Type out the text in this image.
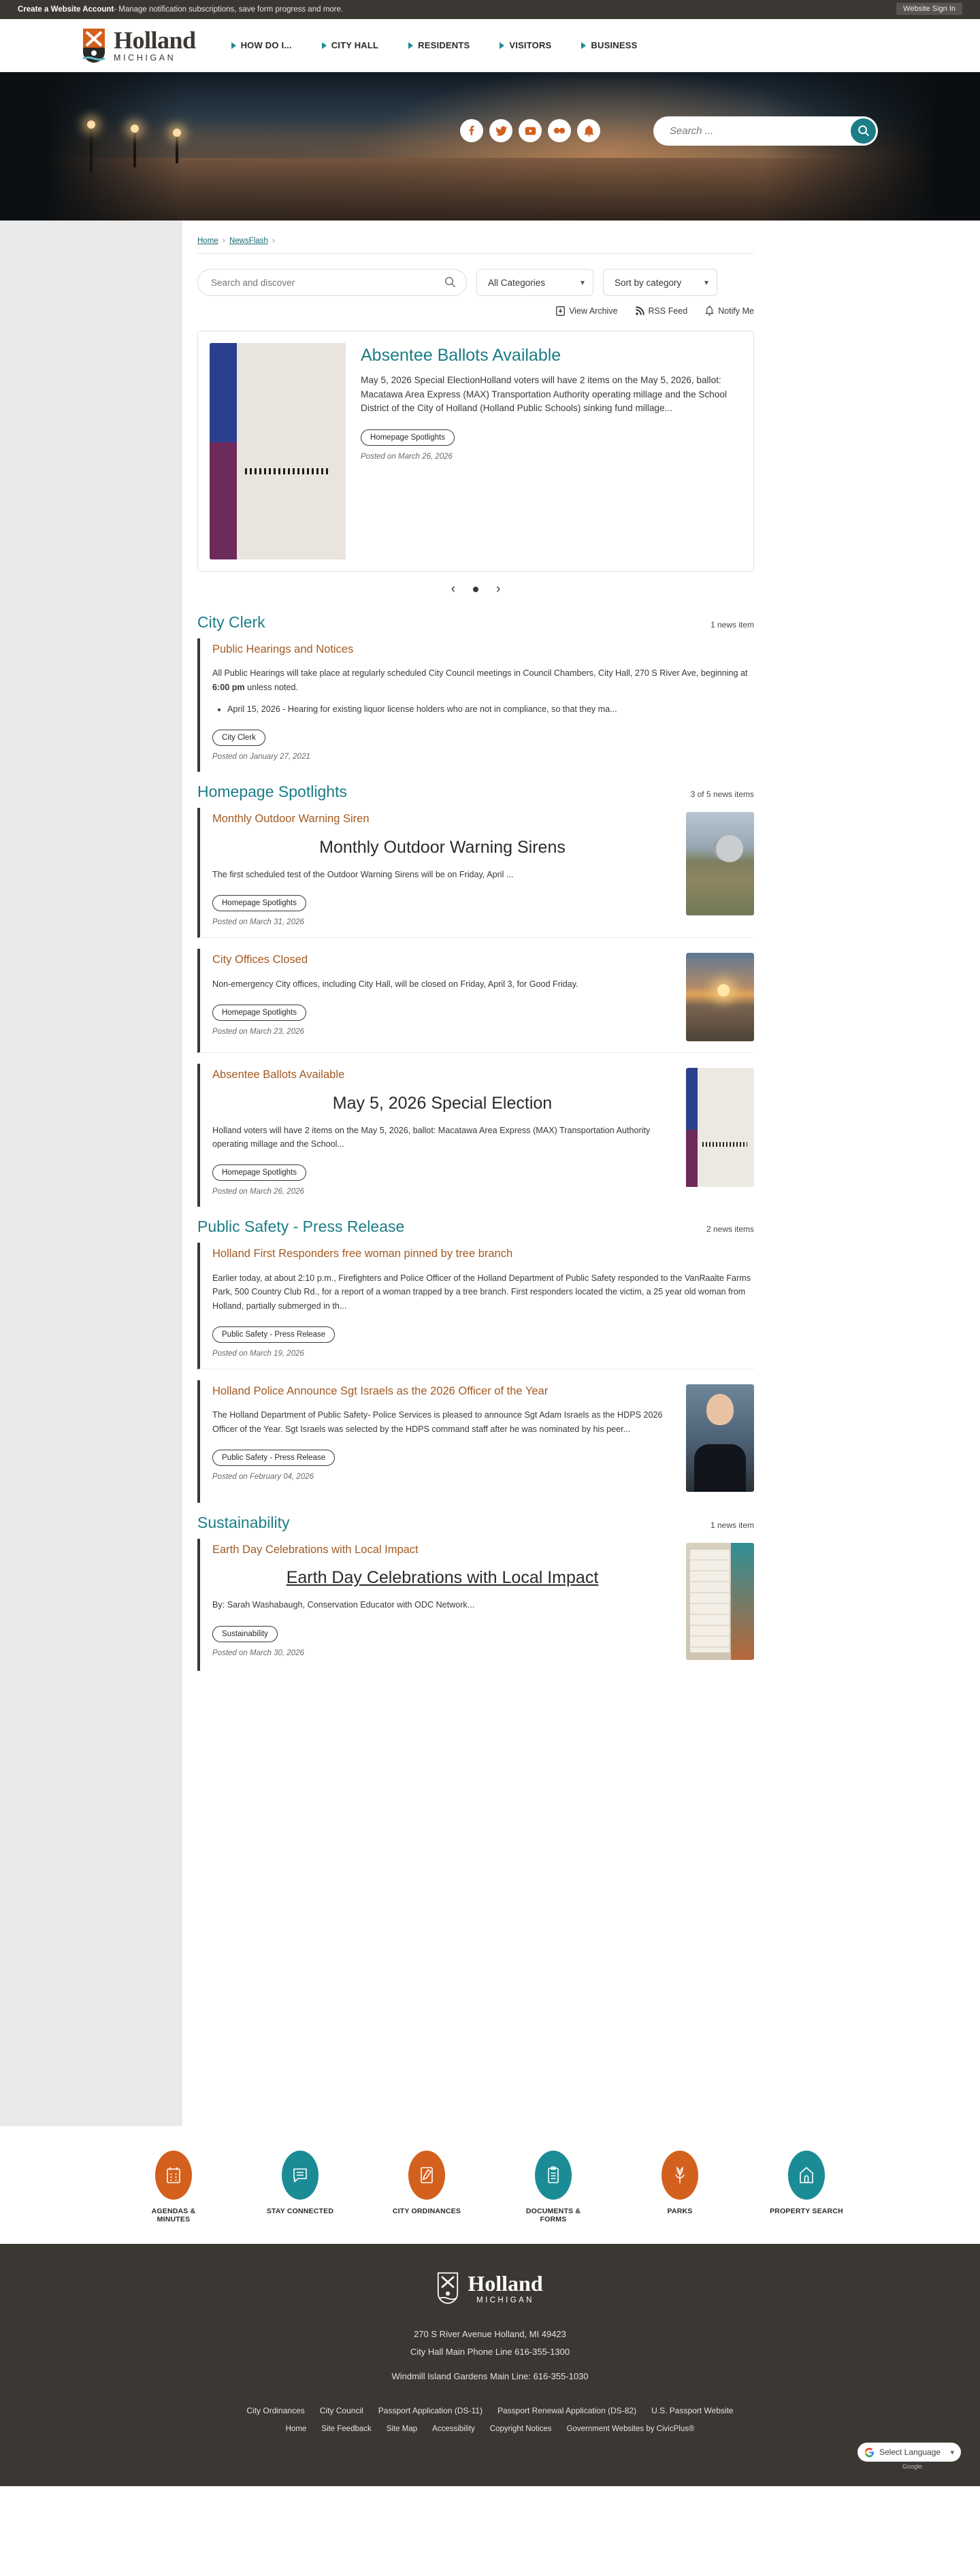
Create a Website Account - Manage notification subscriptions, save form progress and more.	Website Sign In
Holland
MICHIGAN
HOW DO I...	CITY HALL	RESIDENTS	VISITORS	BUSINESS
Search ...
Home › NewsFlash ›
Search and discover
All Categories	▾	Sort by category	▾
View Archive	RSS Feed	Notify Me
Absentee Ballots Available

May 5, 2026 Special ElectionHolland voters will have 2 items on the May 5, 2026, ballot: Macatawa Area Express (MAX) Transportation Authority operating millage and the School District of the City of Holland (Holland Public Schools) sinking fund millage...

Homepage Spotlights
Posted on March 26, 2026
‹	›
City Clerk	1 news item
Public Hearings and Notices

All Public Hearings will take place at regularly scheduled City Council meetings in Council Chambers, City Hall, 270 S River Ave, beginning at 6:00 pm unless noted.

• April 15, 2026 - Hearing for existing liquor license holders who are not in compliance, so that they ma...
City Clerk
Posted on January 27, 2021
Homepage Spotlights	3 of 5 news items
Monthly Outdoor Warning Siren
Monthly Outdoor Warning Sirens

The first scheduled test of the Outdoor Warning Sirens will be on Friday, April ...

Homepage Spotlights
Posted on March 31, 2026
City Offices Closed

Non-emergency City offices, including City Hall, will be closed on Friday, April 3, for Good Friday.

Homepage Spotlights
Posted on March 23, 2026
Absentee Ballots Available
May 5, 2026 Special Election

Holland voters will have 2 items on the May 5, 2026, ballot: Macatawa Area Express (MAX) Transportation Authority operating millage and the School...

Homepage Spotlights
Posted on March 26, 2026
Public Safety - Press Release	2 news items
Holland First Responders free woman pinned by tree branch

Earlier today, at about 2:10 p.m., Firefighters and Police Officer of the Holland Department of Public Safety responded to the VanRaalte Farms Park, 500 Country Club Rd., for a report of a woman trapped by a tree branch. First responders located the victim, a 25 year old woman from Holland, partially submerged in th...

Public Safety - Press Release
Posted on March 19, 2026
Holland Police Announce Sgt Israels as the 2026 Officer of the Year

The Holland Department of Public Safety- Police Services is pleased to announce Sgt Adam Israels as the HDPS 2026 Officer of the Year. Sgt Israels was selected by the HDPS command staff after he was nominated by his peer...

Public Safety - Press Release
Posted on February 04, 2026
Sustainability	1 news item
Earth Day Celebrations with Local Impact
Earth Day Celebrations with Local Impact

By: Sarah Washabaugh, Conservation Educator with ODC Network...

Sustainability
Posted on March 30, 2026
AGENDAS & MINUTES
STAY CONNECTED	CITY ORDINANCES	DOCUMENTS & FORMS
PARKS	PROPERTY SEARCH
Holland
MICHIGAN
270 S River Avenue Holland, MI 49423
City Hall Main Phone Line 616-355-1300
Windmill Island Gardens Main Line: 616-355-1030
City Ordinances City Council Passport Application (DS-11) Passport Renewal Application (DS-82) U.S. Passport Website
Home Site Feedback Site Map Accessibility Copyright Notices Government Websites by CivicPlus®
Select Language	▾
Google
